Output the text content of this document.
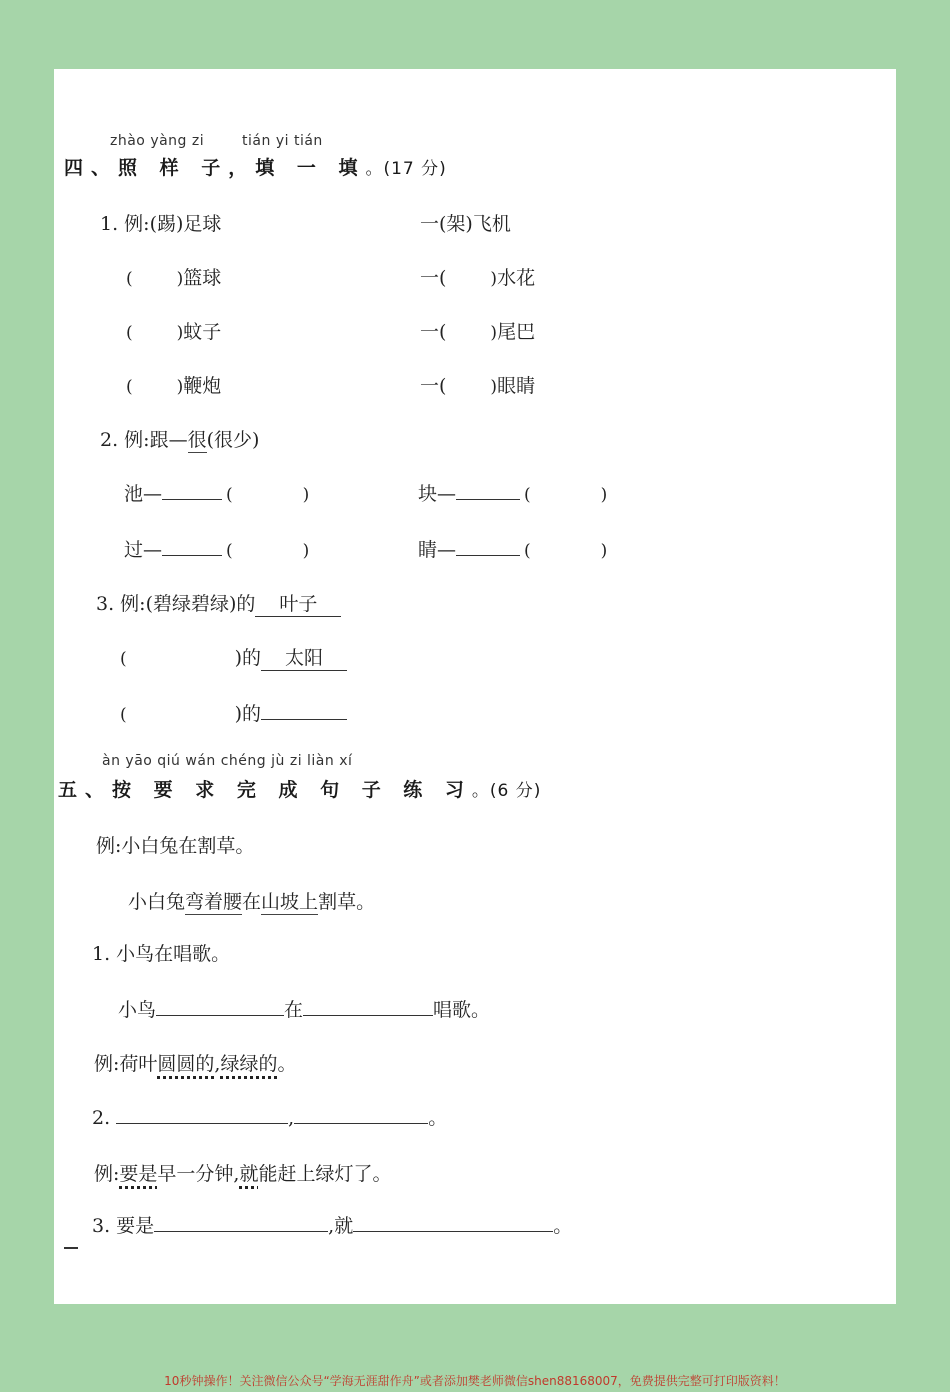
zhào yàng zi	tián yi tián
四、照 样 子，填 一 填。(17 分)
1. 例:(踢)足球	一(架)飞机
(	)篮球	一(	)水花
(	)蚊子	一(	)尾巴
(	)鞭炮	一(	)眼睛
2. 例:跟—很(很少)
池—	(	)	块—	(	)
过—	(	)	睛—	(	)
3. 例:(碧绿碧绿)的 叶子
(	)的 太阳
(	)的
àn yāo qiú wán chéng jù zi liàn xí
五、按 要 求 完 成 句 子 练 习。(6 分)
例:小白兔在割草。
小白兔弯着腰在山坡上割草。
1. 小鸟在唱歌。
小鸟	在	唱歌。
例:荷叶圆圆的,绿绿的。
2.	,	。
例:要是早一分钟,就能赶上绿灯了。
3. 要是	,就	。
10秒钟操作！关注微信公众号“学海无涯甜作舟”或者添加樊老师微信shen88168007，免费提供完整可打印版资料！
